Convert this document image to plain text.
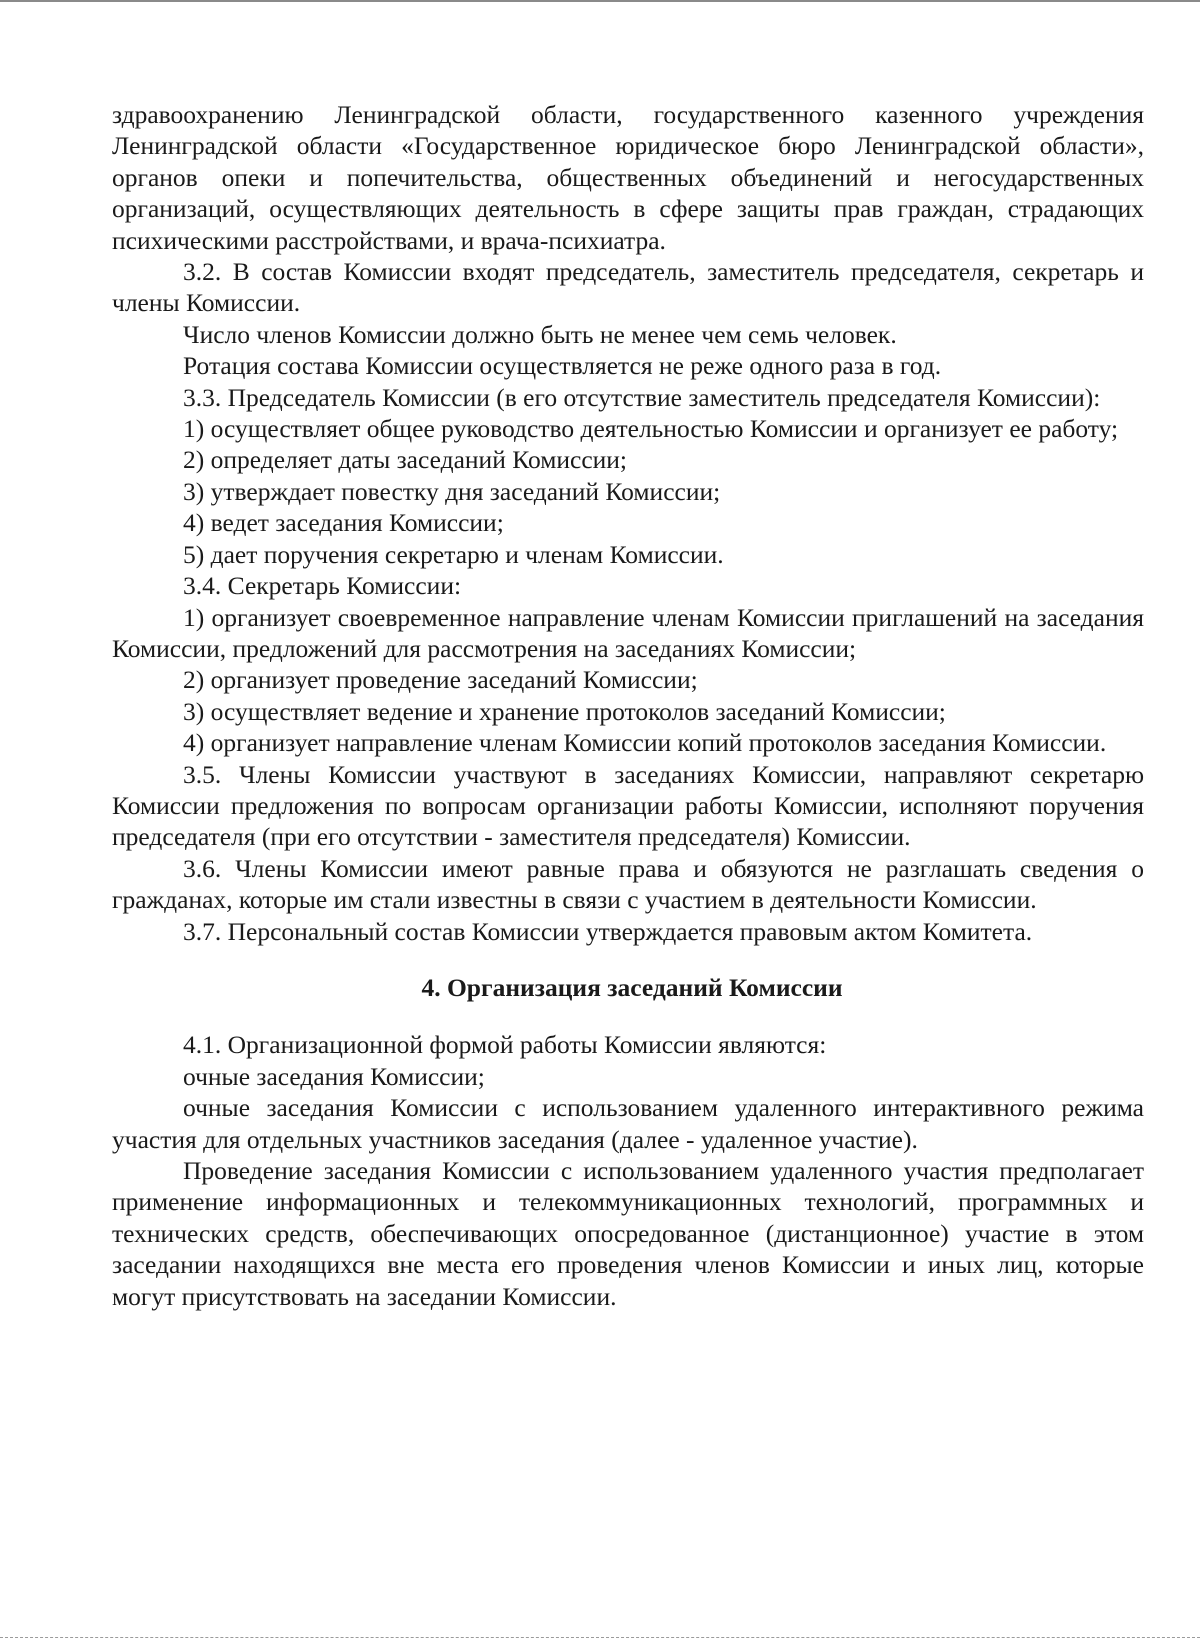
здравоохранению Ленинградской области, государственного казенного учреждения Ленинградской области «Государственное юридическое бюро Ленинградской области», органов опеки и попечительства, общественных объединений и негосударственных организаций, осуществляющих деятельность в сфере защиты прав граждан, страдающих психическими расстройствами, и врача-психиатра.

3.2. В состав Комиссии входят председатель, заместитель председателя, секретарь и члены Комиссии.

Число членов Комиссии должно быть не менее чем семь человек.

Ротация состава Комиссии осуществляется не реже одного раза в год.

3.3. Председатель Комиссии (в его отсутствие заместитель председателя Комиссии):

1) осуществляет общее руководство деятельностью Комиссии и организует ее работу;

2) определяет даты заседаний Комиссии;

3) утверждает повестку дня заседаний Комиссии;

4) ведет заседания Комиссии;

5) дает поручения секретарю и членам Комиссии.

3.4. Секретарь Комиссии:

1) организует своевременное направление членам Комиссии приглашений на заседания Комиссии, предложений для рассмотрения на заседаниях Комиссии;

2) организует проведение заседаний Комиссии;

3) осуществляет ведение и хранение протоколов заседаний Комиссии;

4) организует направление членам Комиссии копий протоколов заседания Комиссии.

3.5. Члены Комиссии участвуют в заседаниях Комиссии, направляют секретарю Комиссии предложения по вопросам организации работы Комиссии, исполняют поручения председателя (при его отсутствии - заместителя председателя) Комиссии.

3.6. Члены Комиссии имеют равные права и обязуются не разглашать сведения о гражданах, которые им стали известны в связи с участием в деятельности Комиссии.

3.7. Персональный состав Комиссии утверждается правовым актом Комитета.

4. Организация заседаний Комиссии

4.1. Организационной формой работы Комиссии являются:

очные заседания Комиссии;

очные заседания Комиссии с использованием удаленного интерактивного режима участия для отдельных участников заседания (далее - удаленное участие).

Проведение заседания Комиссии с использованием удаленного участия предполагает применение информационных и телекоммуникационных технологий, программных и технических средств, обеспечивающих опосредованное (дистанционное) участие в этом заседании находящихся вне места его проведения членов Комиссии и иных лиц, которые могут присутствовать на заседании Комиссии.
